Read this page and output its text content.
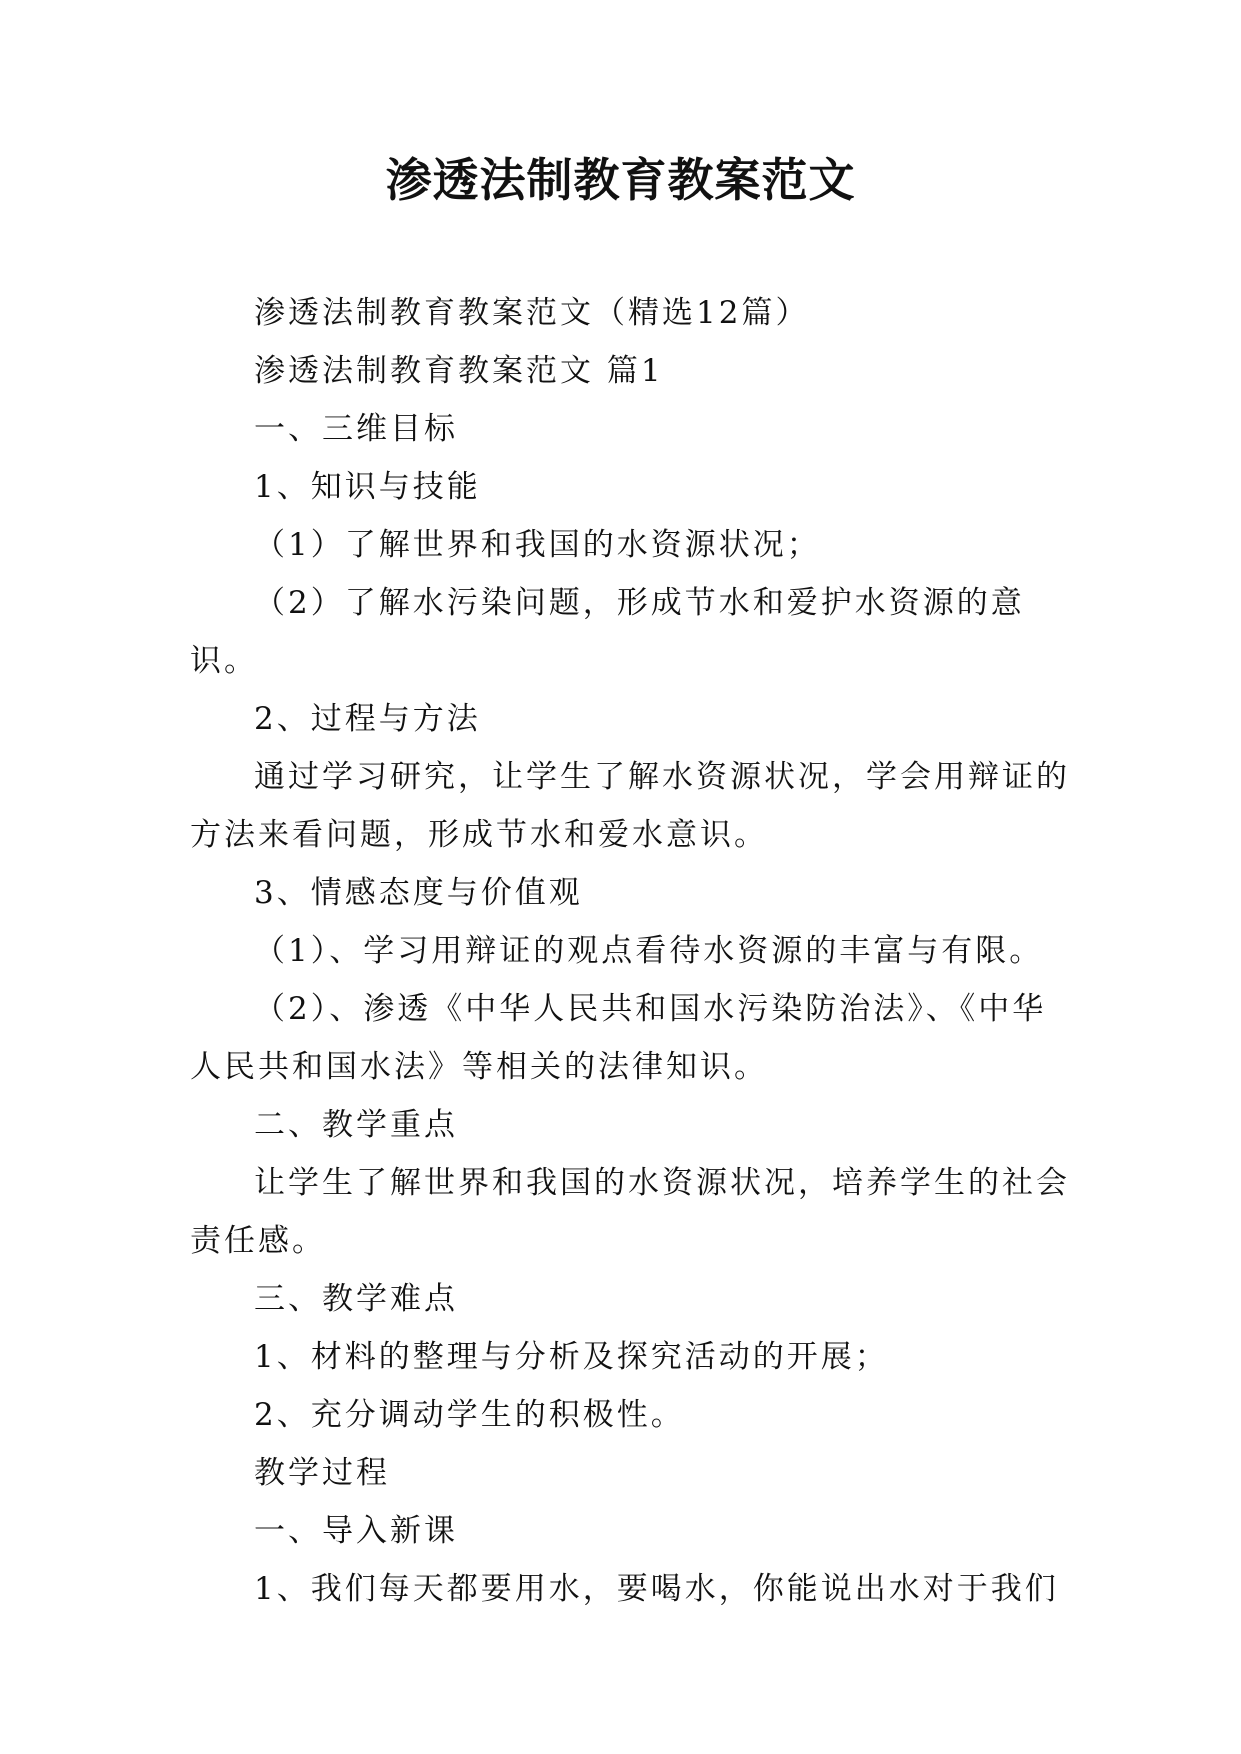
渗透法制教育教案范文

渗透法制教育教案范文（精选12篇）

渗透法制教育教案范文 篇1

一、三维目标

1、知识与技能

（1）了解世界和我国的水资源状况；

（2）了解水污染问题，形成节水和爱护水资源的意识。

2、过程与方法

通过学习研究，让学生了解水资源状况，学会用辩证的方法来看问题，形成节水和爱水意识。

3、情感态度与价值观

（1）、学习用辩证的观点看待水资源的丰富与有限。

（2）、渗透《中华人民共和国水污染防治法》、《中华人民共和国水法》等相关的法律知识。

二、教学重点

让学生了解世界和我国的水资源状况，培养学生的社会责任感。

三、教学难点

1、材料的整理与分析及探究活动的开展；

2、充分调动学生的积极性。

教学过程

一、导入新课

1、我们每天都要用水，要喝水，你能说出水对于我们
